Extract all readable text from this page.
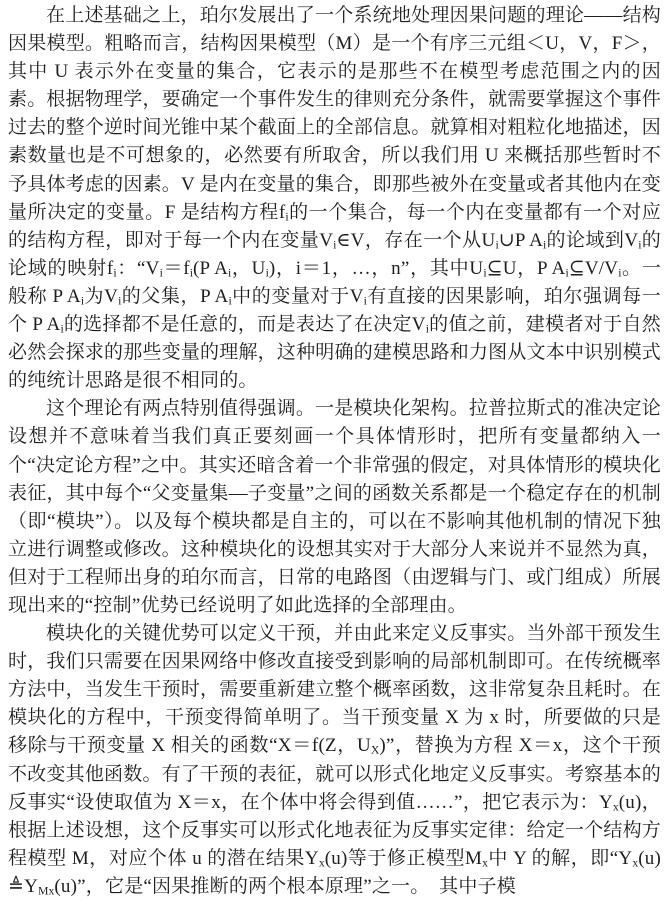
在上述基础之上，珀尔发展出了一个系统地处理因果问题的理论——结构因果模型。粗略而言，结构因果模型（M）是一个有序三元组＜U，V，F＞，其中 U 表示外在变量的集合，它表示的是那些不在模型考虑范围之内的因素。根据物理学，要确定一个事件发生的律则充分条件，就需要掌握这个事件过去的整个逆时间光锥中某个截面上的全部信息。就算相对粗粒化地描述，因素数量也是不可想象的，必然要有所取舍，所以我们用 U 来概括那些暂时不予具体考虑的因素。V 是内在变量的集合，即那些被外在变量或者其他内在变量所决定的变量。F 是结构方程$f_i$的一个集合，每一个内在变量都有一个对应的结构方程，即对于每一个内在变量$V_i\in V$，存在一个从$U_i\cup P$ $A_i$的论域到$V_i$的论域的映射$f_i$：“$V_i=f_i(P$ $A_i$，$U_i$)，i＝1，…，n”，其中$U_i⊆U$，P $A_i⊆V/V_i$。一般称 P $A_i$为$V_i$的父集，P $A_i$中的变量对于$V_i$有直接的因果影响，珀尔强调每一个 P $A_i$的选择都不是任意的，而是表达了在决定$V_i$的值之前，建模者对于自然必然会探求的那些变量的理解，这种明确的建模思路和力图从文本中识别模式的纯统计思路是很不相同的。

这个理论有两点特别值得强调。一是模块化架构。拉普拉斯式的准决定论设想并不意味着当我们真正要刻画一个具体情形时，把所有变量都纳入一个“决定论方程”之中。其实还暗含着一个非常强的假定，对具体情形的模块化表征，其中每个“父变量集—子变量”之间的函数关系都是一个稳定存在的机制（即“模块”）。以及每个模块都是自主的，可以在不影响其他机制的情况下独立进行调整或修改。这种模块化的设想其实对于大部分人来说并不显然为真，但对于工程师出身的珀尔而言，日常的电路图（由逻辑与门、或门组成）所展现出来的“控制”优势已经说明了如此选择的全部理由。

模块化的关键优势可以定义干预，并由此来定义反事实。当外部干预发生时，我们只需要在因果网络中修改直接受到影响的局部机制即可。在传统概率方法中，当发生干预时，需要重新建立整个概率函数，这非常复杂且耗时。在模块化的方程中，干预变得简单明了。当干预变量 X 为 x 时，所要做的只是移除与干预变量 X 相关的函数“X＝f(Z，$U_X$)”，替换为方程 X＝x，这个干预不改变其他函数。有了干预的表征，就可以形式化地定义反事实。考察基本的反事实“设使取值为 X＝x，在个体中将会得到值……”，把它表示为：$Y_x(u)$，根据上述设想，这个反事实可以形式化地表征为反事实定律：给定一个结构方程模型 M，对应个体 u 的潜在结果$Y_x(u)$等于修正模型$M_x$中 Y 的解，即“$Y_x(u)≜Y_{Mx}(u)$”，它是“因果推断的两个根本原理”之一。　其中子模
